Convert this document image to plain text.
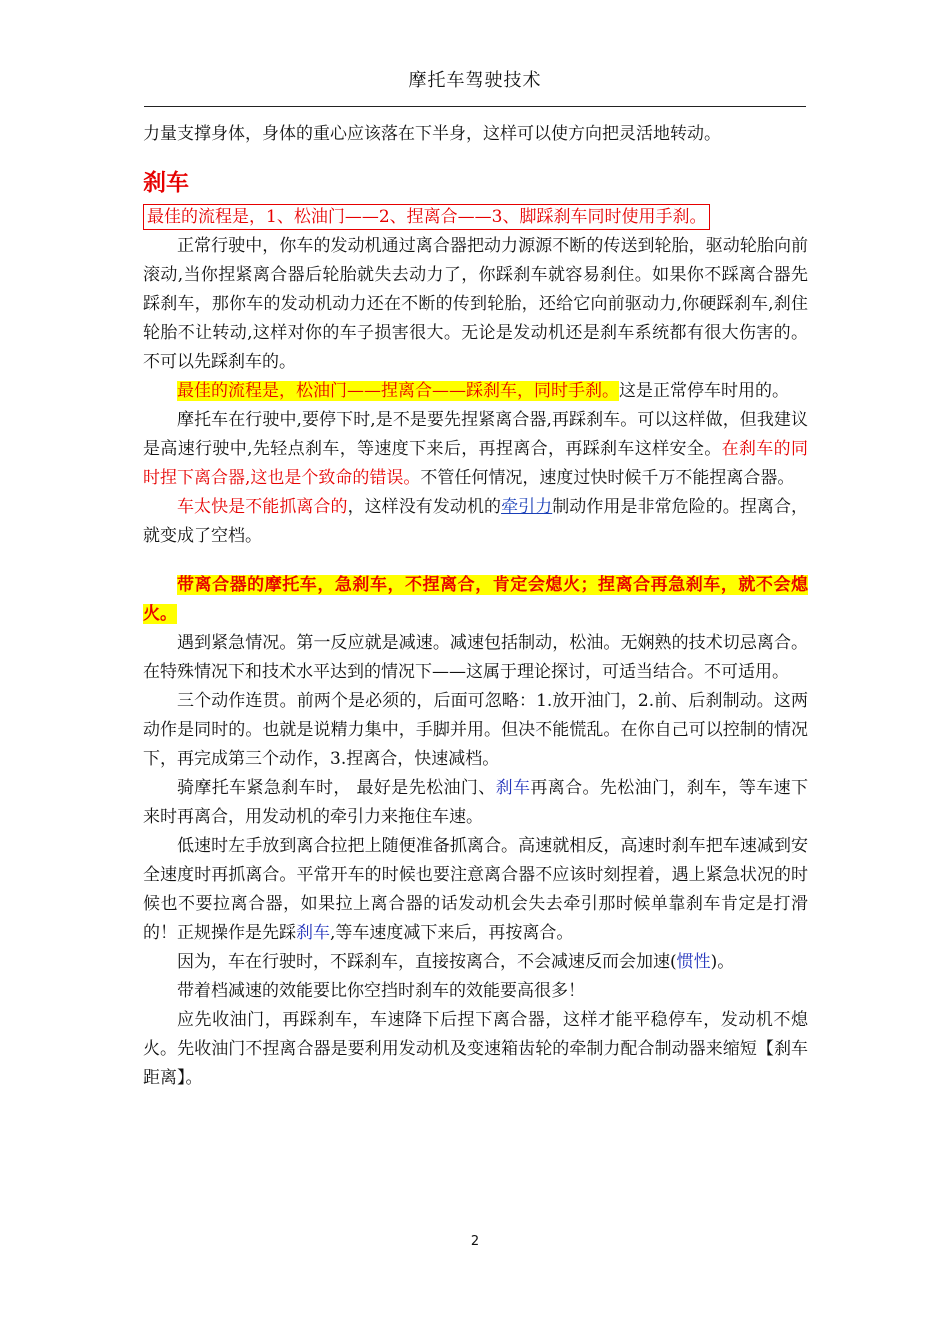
摩托车驾驶技术

力量支撑身体，身体的重心应该落在下半身，这样可以使方向把灵活地转动。

刹车

最佳的流程是，1、松油门——2、捏离合——3、脚踩刹车同时使用手刹。

正常行驶中，你车的发动机通过离合器把动力源源不断的传送到轮胎，驱动轮胎向前滚动,当你捏紧离合器后轮胎就失去动力了，你踩刹车就容易刹住。如果你不踩离合器先踩刹车，那你车的发动机动力还在不断的传到轮胎，还给它向前驱动力,你硬踩刹车,刹住轮胎不让转动,这样对你的车子损害很大。无论是发动机还是刹车系统都有很大伤害的。不可以先踩刹车的。

最佳的流程是，松油门——捏离合——踩刹车，同时手刹。这是正常停车时用的。

摩托车在行驶中,要停下时,是不是要先捏紧离合器,再踩刹车。可以这样做，但我建议是高速行驶中,先轻点刹车，等速度下来后，再捏离合，再踩刹车这样安全。在刹车的同时捏下离合器,这也是个致命的错误。不管任何情况，速度过快时候千万不能捏离合器。

车太快是不能抓离合的，这样没有发动机的牵引力制动作用是非常危险的。捏离合，就变成了空档。

带离合器的摩托车，急刹车，不捏离合，肯定会熄火；捏离合再急刹车，就不会熄火。

遇到紧急情况。第一反应就是减速。减速包括制动，松油。无娴熟的技术切忌离合。在特殊情况下和技术水平达到的情况下——这属于理论探讨，可适当结合。不可适用。

三个动作连贯。前两个是必须的，后面可忽略：1.放开油门，2.前、后刹制动。这两动作是同时的。也就是说精力集中，手脚并用。但决不能慌乱。在你自己可以控制的情况下，再完成第三个动作，3.捏离合，快速减档。

骑摩托车紧急刹车时， 最好是先松油门、刹车再离合。先松油门，刹车，等车速下来时再离合，用发动机的牵引力来拖住车速。

低速时左手放到离合拉把上随便准备抓离合。高速就相反，高速时刹车把车速减到安全速度时再抓离合。平常开车的时候也要注意离合器不应该时刻捏着，遇上紧急状况的时候也不要拉离合器，如果拉上离合器的话发动机会失去牵引那时候单靠刹车肯定是打滑的！正规操作是先踩刹车,等车速度减下来后，再按离合。

因为，车在行驶时，不踩刹车，直接按离合，不会减速反而会加速(惯性)。

带着档减速的效能要比你空挡时刹车的效能要高很多！

应先收油门，再踩刹车，车速降下后捏下离合器，这样才能平稳停车，发动机不熄火。先收油门不捏离合器是要利用发动机及变速箱齿轮的牵制力配合制动器来缩短【刹车距离】。

2
